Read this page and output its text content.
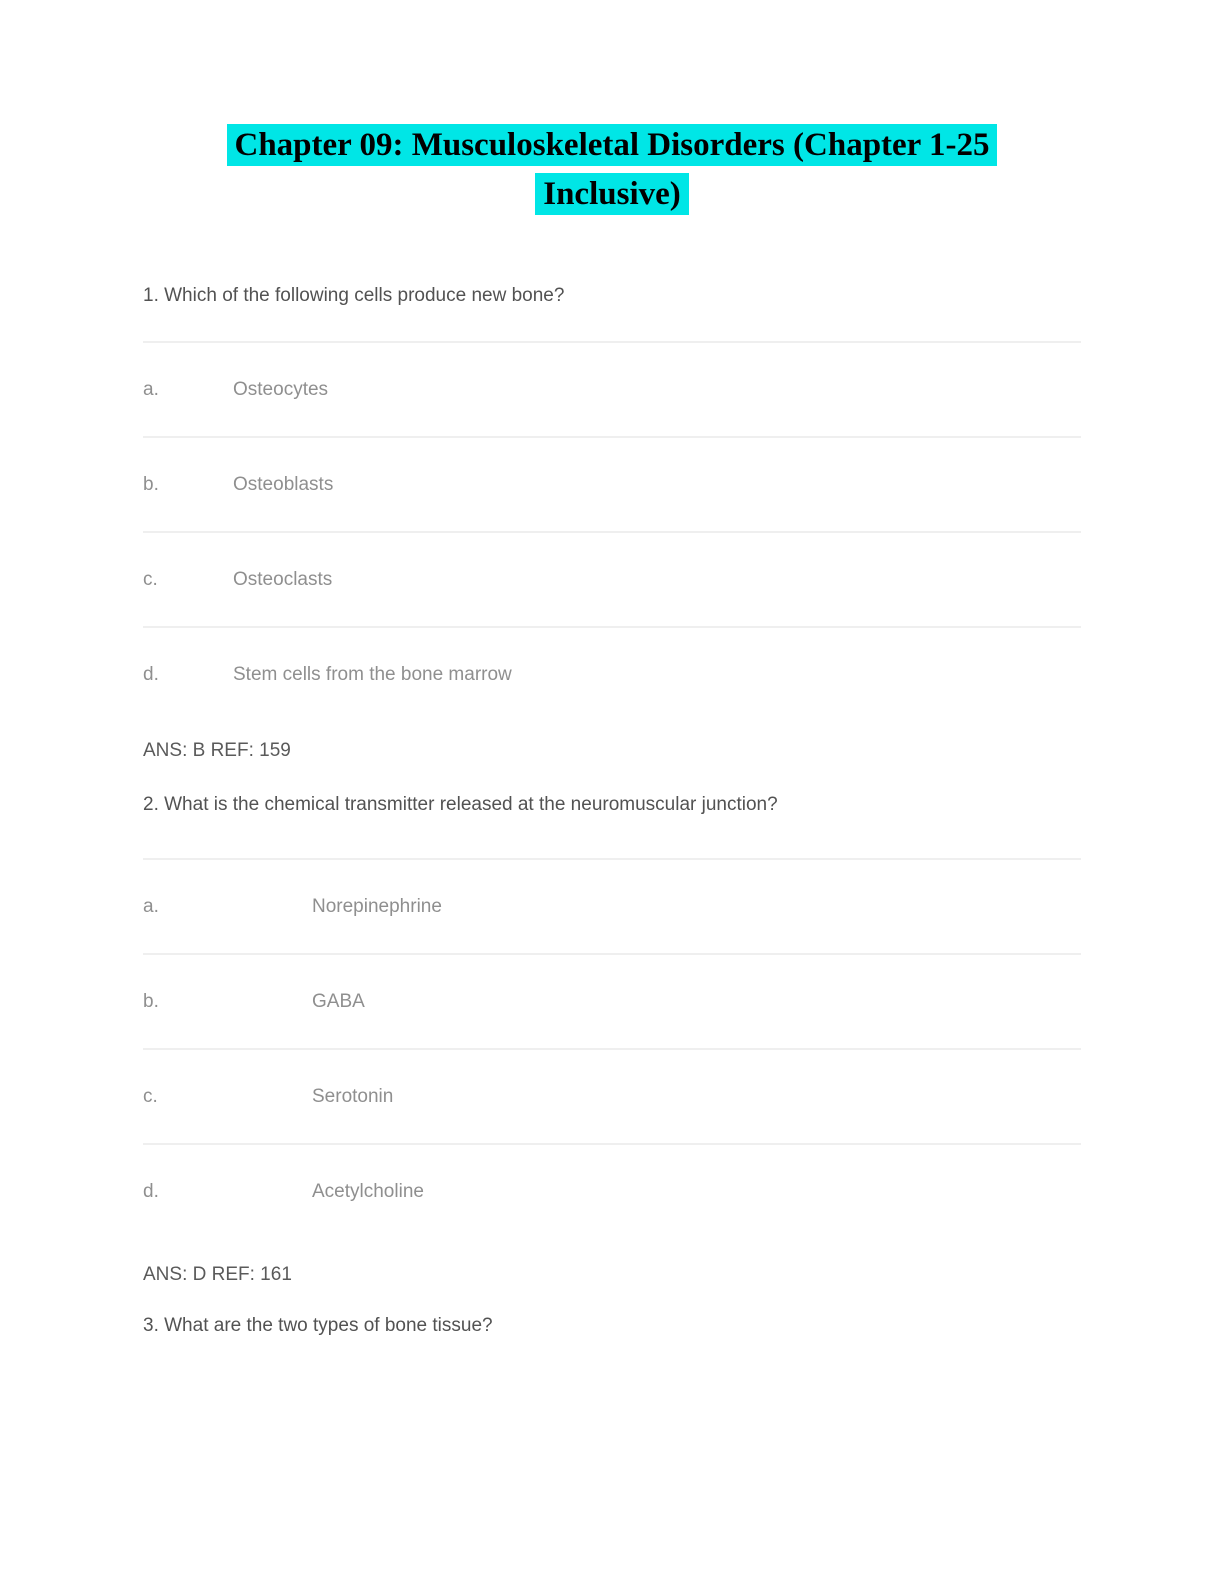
Chapter 09: Musculoskeletal Disorders (Chapter 1-25
Inclusive)
1. Which of the following cells produce new bone?
a.	Osteocytes
b.	Osteoblasts
c.	Osteoclasts
d.	Stem cells from the bone marrow
ANS: B REF: 159
2. What is the chemical transmitter released at the neuromuscular junction?
a.	Norepinephrine
b.	GABA
c.	Serotonin
d.	Acetylcholine
ANS: D REF: 161
3. What are the two types of bone tissue?
